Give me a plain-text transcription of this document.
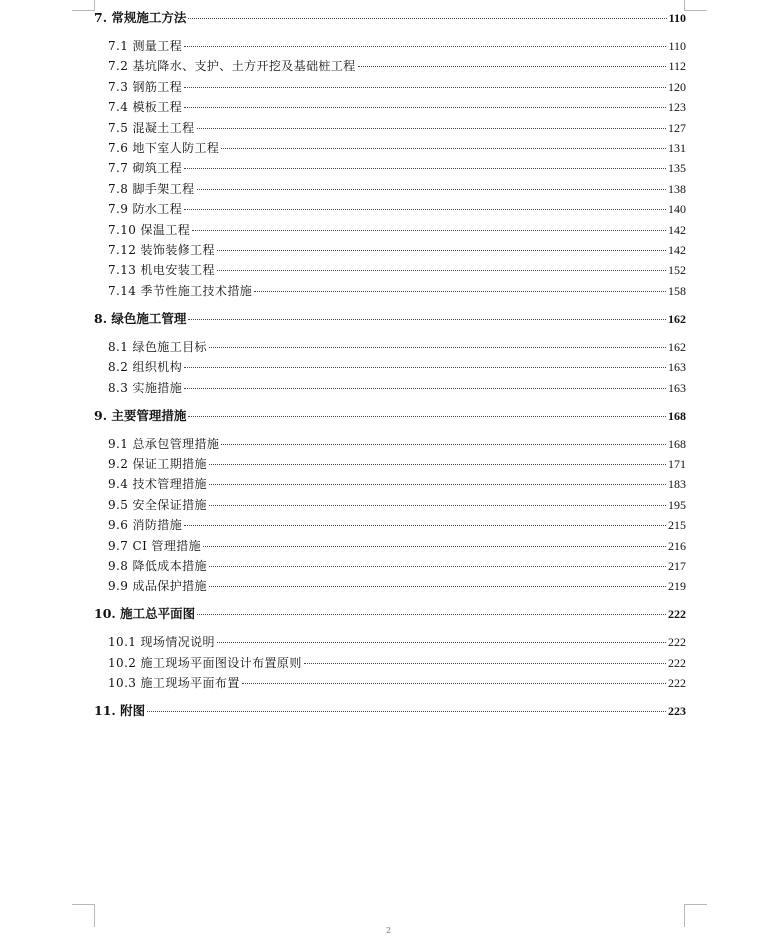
7. 常规施工方法	110
7.1 测量工程	110
7.2 基坑降水、支护、土方开挖及基础桩工程	112
7.3 钢筋工程	120
7.4 模板工程	123
7.5 混凝土工程	127
7.6 地下室人防工程	131
7.7 砌筑工程	135
7.8 脚手架工程	138
7.9 防水工程	140
7.10 保温工程	142
7.12 装饰装修工程	142
7.13 机电安装工程	152
7.14 季节性施工技术措施	158
8. 绿色施工管理	162
8.1 绿色施工目标	162
8.2 组织机构	163
8.3 实施措施	163
9. 主要管理措施	168
9.1 总承包管理措施	168
9.2 保证工期措施	171
9.4 技术管理措施	183
9.5 安全保证措施	195
9.6 消防措施	215
9.7 CI 管理措施	216
9.8 降低成本措施	217
9.9 成品保护措施	219
10. 施工总平面图	222
10.1 现场情况说明	222
10.2 施工现场平面图设计布置原则	222
10.3 施工现场平面布置	222
11. 附图	223
2
